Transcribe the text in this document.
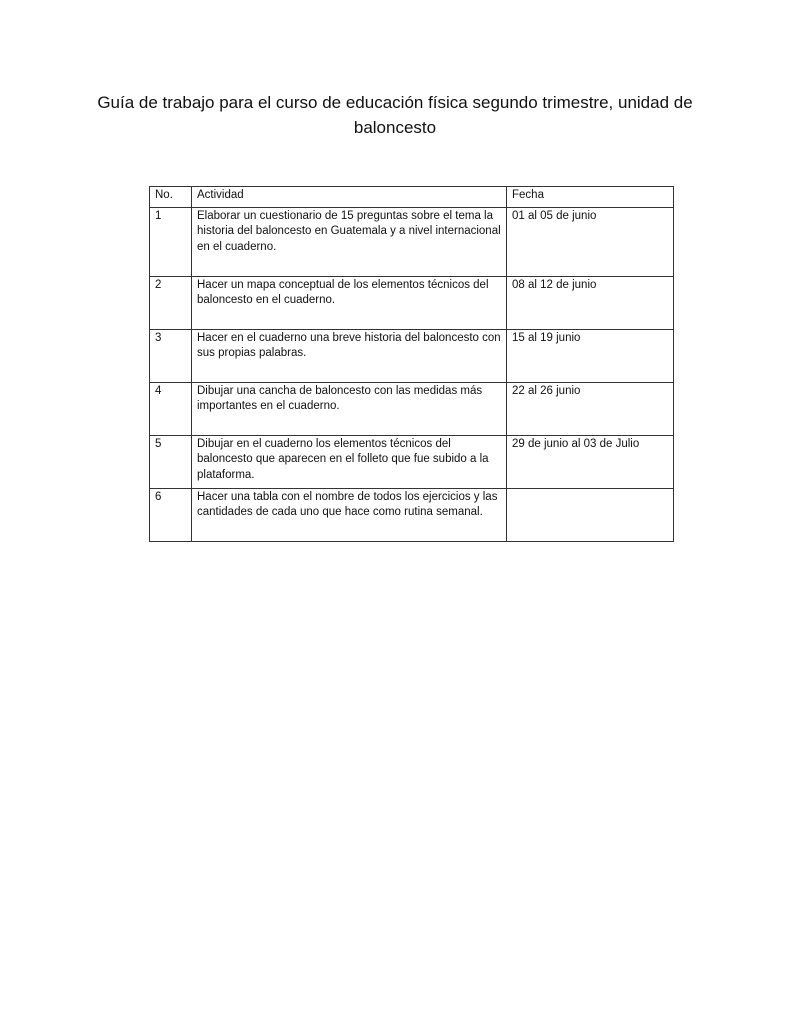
Guía de trabajo para el curso de educación física segundo trimestre, unidad de baloncesto
No.	Actividad	Fecha
1	Elaborar un cuestionario de 15 preguntas sobre el tema la historia del baloncesto en Guatemala y a nivel internacional en el cuaderno.	01 al 05 de junio
2	Hacer un mapa conceptual de los elementos técnicos del baloncesto en el cuaderno.	08 al 12 de junio
3	Hacer en el cuaderno una breve historia del baloncesto con sus propias palabras.	15 al 19 junio
4	Dibujar una cancha de baloncesto con las medidas más importantes en el cuaderno.	22 al 26 junio
5	Dibujar en el cuaderno los elementos técnicos del baloncesto que aparecen en el folleto que fue subido a la plataforma.	29 de junio al 03 de Julio
6	Hacer una tabla con el nombre de todos los ejercicios y las cantidades de cada uno que hace como rutina semanal.	
